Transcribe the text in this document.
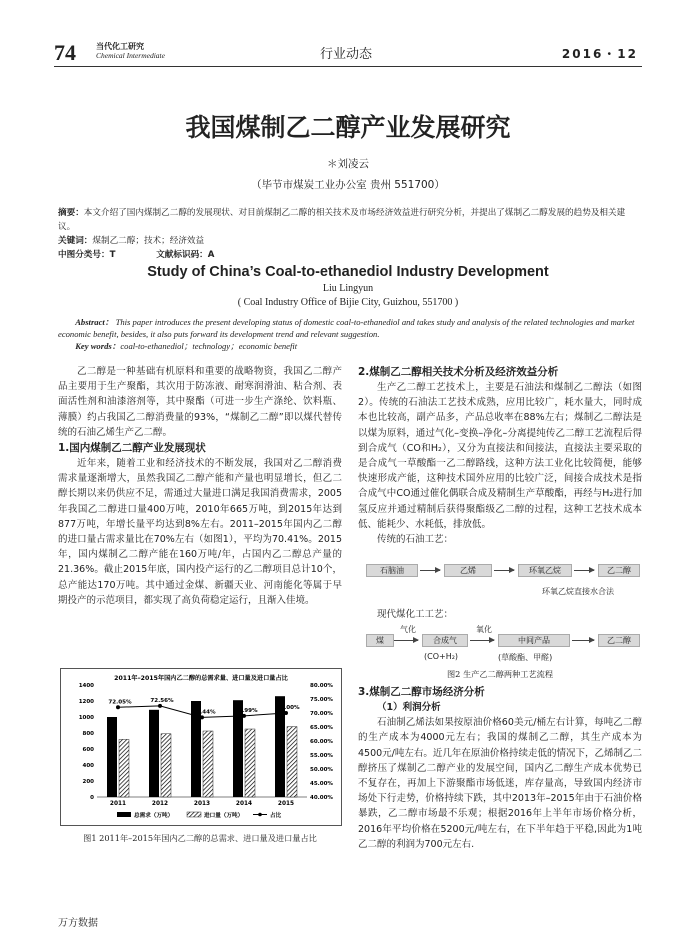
74	当代化工研究
Chemical Intermediate	行业动态	2016・12
我国煤制乙二醇产业发展研究
＊刘凌云
（毕节市煤炭工业办公室 贵州 551700）
摘要：本文介绍了国内煤制乙二醇的发展现状、对目前煤制乙二醇的相关技术及市场经济效益进行研究分析，并提出了煤制乙二醇发展的趋势及相关建议。
关键词：煤制乙二醇；技术；经济效益
中图分类号：T	文献标识码：A
Study of China’s Coal-to-ethanediol Industry Development
Liu Lingyun
( Coal Industry Office of Bijie City, Guizhou, 551700 )
Abstract： This paper introduces the present developing status of domestic coal-to-ethanediol and takes study and analysis of the related technologies and market economic benefit, besides, it also puts forward its development trend and relevant suggestion.
Key words：coal-to-ethanediol；technology；economic benefit

乙二醇是一种基础有机原料和重要的战略物资，我国乙二醇产品主要用于生产聚酯，其次用于防冻液、耐寒润滑油、粘合剂、表面活性剂和油漆溶剂等，其中聚酯（可进一步生产涤纶、饮料瓶、薄膜）约占我国乙二醇消费量的93%，“煤制乙二醇”即以煤代替传统的石油乙烯生产乙二醇。

1.国内煤制乙二醇产业发展现状

近年来，随着工业和经济技术的不断发展，我国对乙二醇消费需求量逐渐增大，虽然我国乙二醇产能和产量也明显增长，但乙二醇长期以来仍供应不足，需通过大量进口满足我国消费需求，2005年我国乙二醇进口量400万吨，2010年665万吨，到2015年达到877万吨，年增长量平均达到8%左右。2011–2015年国内乙二醇的进口量占需求量比在70%左右（如图1），平均为70.41%。2015年，国内煤制乙二醇产能在160万吨/年，占国内乙二醇总产量的21.36%。截止2015年底，国内投产运行的乙二醇项目总计10个，总产能达170万吨。其中通过金煤、新疆天业、河南能化等属于早期投产的示范项目，都实现了高负荷稳定运行，且渐入佳境。

2011年–2015年国内乙二醇的总需求量、进口量及进口量占比
0
200
400
600
800
1000
1200
1400
40.00%
45.00%
50.00%
55.00%
60.00%
65.00%
70.00%
75.00%
80.00%
2011
72.05%
2012
72.56%
2013
68.44%
2014
68.99%
2015
70.00%
总需求（万吨）	进口量（万吨）	占比
图1 2011年–2015年国内乙二醇的总需求、进口量及进口量占比
2.煤制乙二醇相关技术分析及经济效益分析

生产乙二醇工艺技术上，主要是石油法和煤制乙二醇法（如图2）。传统的石油法工艺技术成熟，应用比较广，耗水量大，同时成本也比较高，副产品多，产品总收率在88%左右；煤制乙二醇法是以煤为原料，通过气化–变换–净化–分离提纯传乙二醇工艺流程后得到合成气（CO和H₂），又分为直接法和间接法，直接法主要采取的是合成气一草酸酯一乙二醇路线，这种方法工业化比较简便，能够快速形成产能，这种技术国外应用的比较广泛，间接合成技术是指合成气中CO通过催化偶联合成及精制生产草酸酯，再经与H₂进行加氢反应并通过精制后获得聚酯级乙二醇的过程，这种工艺技术成本低、能耗少、水耗低，排放低。

传统的石油工艺：

石脑油	乙烯	环氧乙烷	乙二醇
环氧乙烷直接水合法

现代煤化工工艺：

气化	氧化
煤	合成气	中间产品	乙二醇
(CO+H₂)	(草酸酯、甲醛)
图2 生产乙二醇两种工艺流程
3.煤制乙二醇市场经济分析
（1）利润分析

石油制乙烯法如果按原油价格60美元/桶左右计算，每吨乙二醇的生产成本为4000元左右；我国的煤制乙二醇，其生产成本为4500元/吨左右。近几年在原油价格持续走低的情况下，乙烯制乙二醇挤压了煤制乙二醇产业的发展空间，国内乙二醇生产成本优势已不复存在，再加上下游聚酯市场低迷，库存量高，导致国内经济市场处下行走势，价格持续下跌，其中2013年–2015年由于石油价格暴跌，乙二醇市场最不乐观；根据2016年上半年市场价格分析，2016年平均价格在5200元/吨左右，在下半年趋于平稳,因此为1吨乙二醇的利润为700元左右.

万方数据
